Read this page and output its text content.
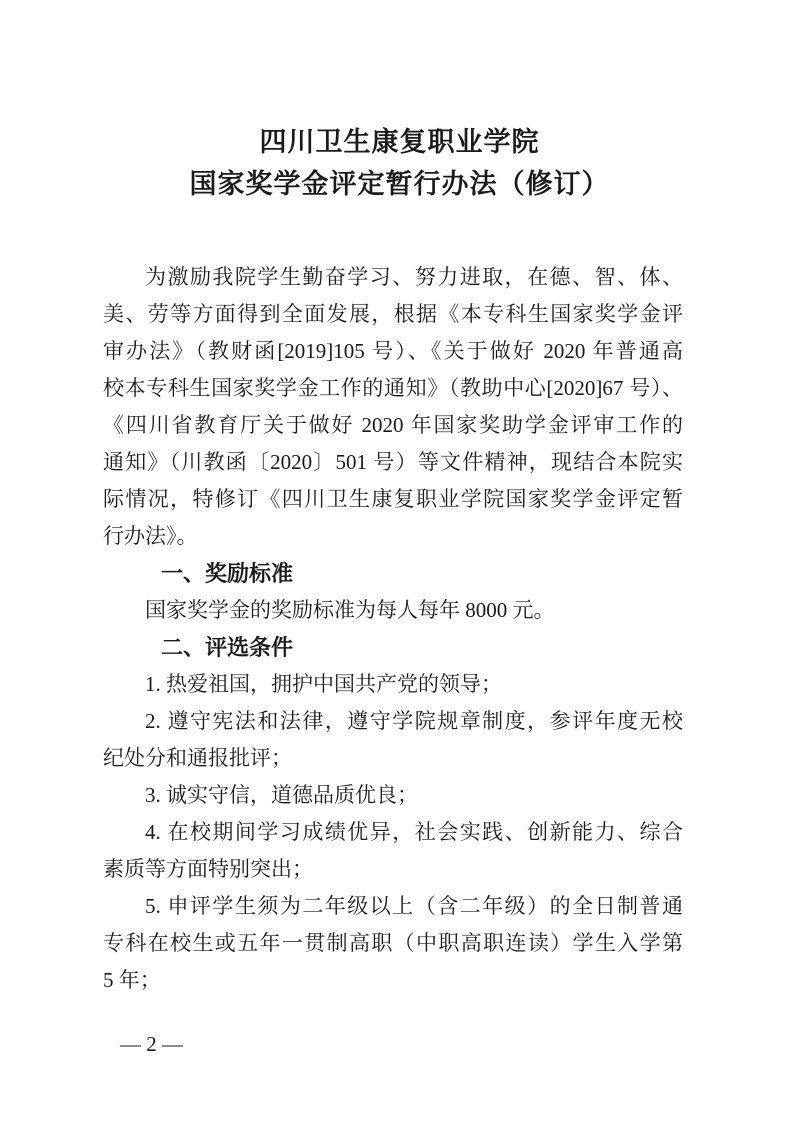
四川卫生康复职业学院
国家奖学金评定暂行办法（修订）
为激励我院学生勤奋学习、努力进取，在德、智、体、
美、劳等方面得到全面发展，根据《本专科生国家奖学金评
审办法》（教财函[2019]105 号）、《关于做好 2020 年普通高
校本专科生国家奖学金工作的通知》（教助中心[2020]67 号）、
《四川省教育厅关于做好 2020 年国家奖助学金评审工作的
通知》（川教函〔2020〕501 号）等文件精神，现结合本院实
际情况，特修订《四川卫生康复职业学院国家奖学金评定暂
行办法》。
一、奖励标准
国家奖学金的奖励标准为每人每年 8000 元。
二、评选条件
1. 热爱祖国，拥护中国共产党的领导；
2. 遵守宪法和法律，遵守学院规章制度，参评年度无校
纪处分和通报批评；
3. 诚实守信，道德品质优良；
4. 在校期间学习成绩优异，社会实践、创新能力、综合
素质等方面特别突出；
5. 申评学生须为二年级以上（含二年级）的全日制普通
专科在校生或五年一贯制高职（中职高职连读）学生入学第
5 年；
— 2 —
